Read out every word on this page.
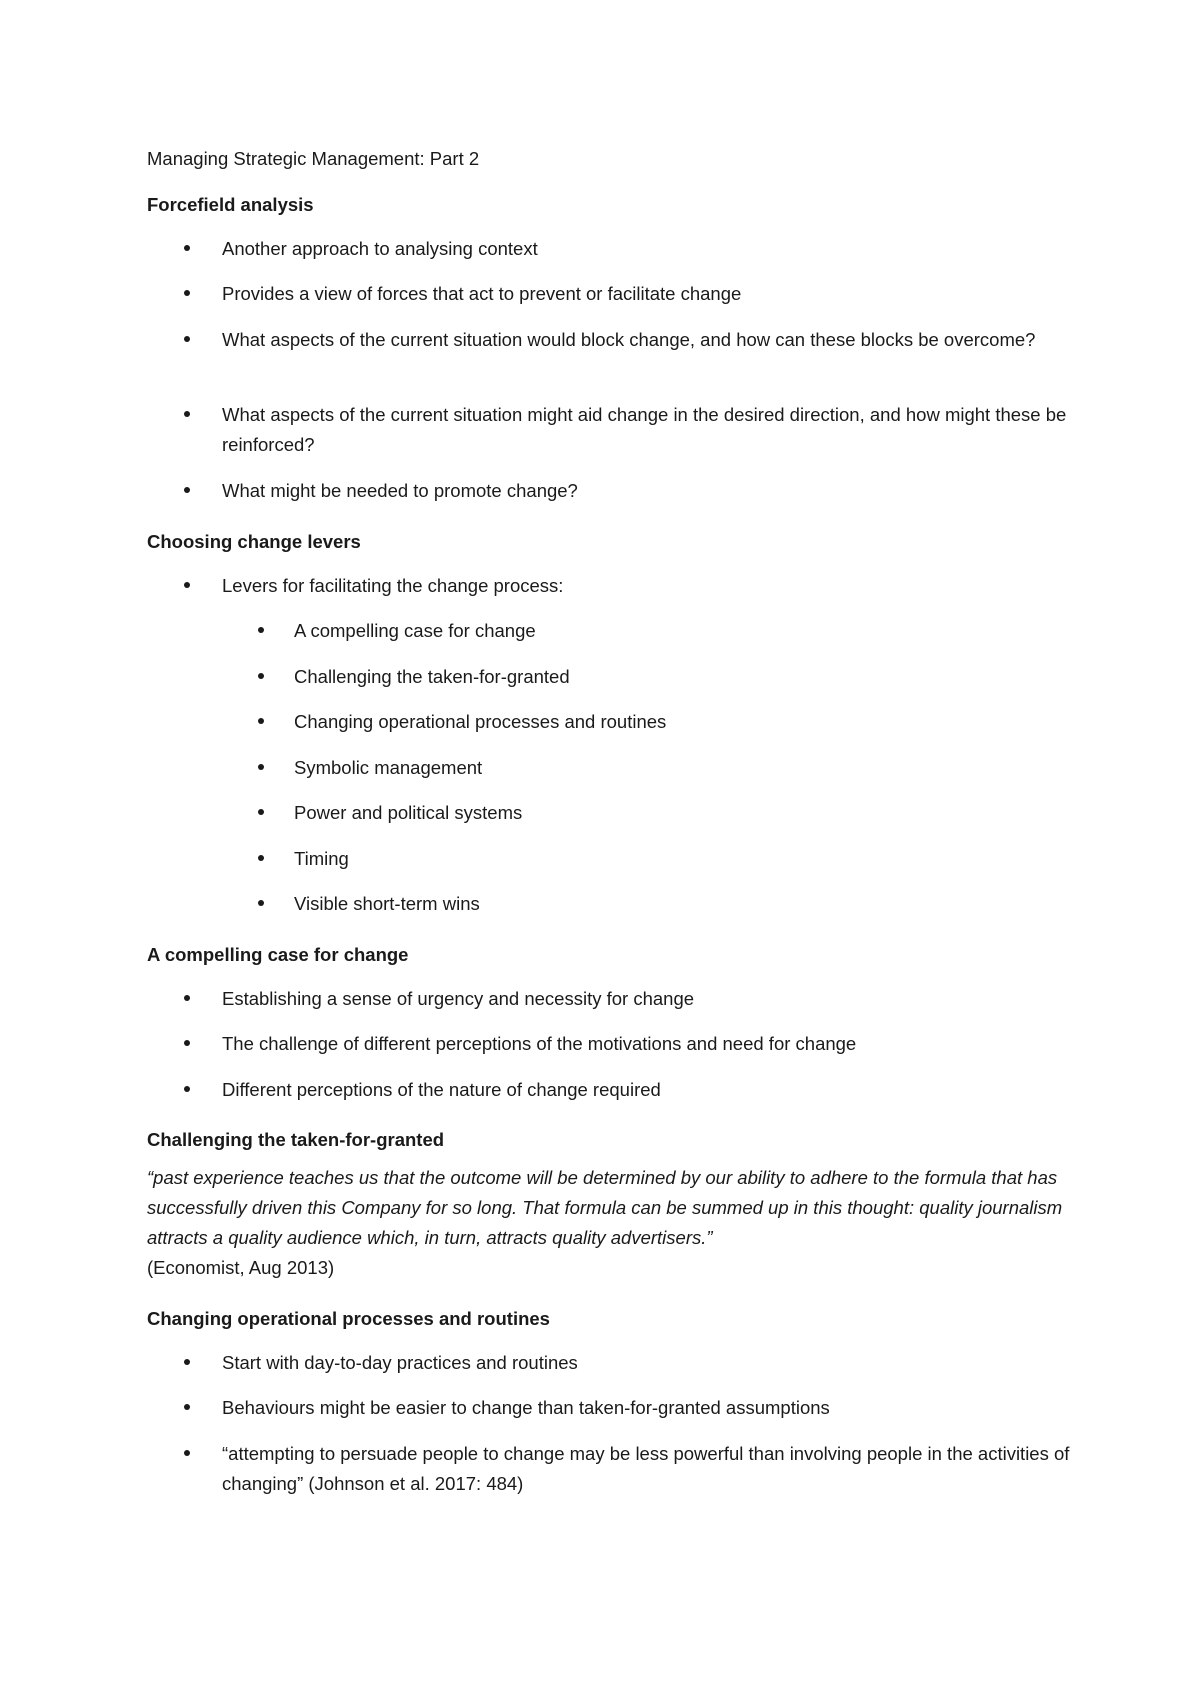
Managing Strategic Management: Part 2
Forcefield analysis
Another approach to analysing context
Provides a view of forces that act to prevent or facilitate change
What aspects of the current situation would block change, and how can these blocks be overcome?
What aspects of the current situation might aid change in the desired direction, and how might these be reinforced?
What might be needed to promote change?
Choosing change levers
Levers for facilitating the change process:
A compelling case for change
Challenging the taken-for-granted
Changing operational processes and routines
Symbolic management
Power and political systems
Timing
Visible short-term wins
A compelling case for change
Establishing a sense of urgency and necessity for change
The challenge of different perceptions of the motivations and need for change
Different perceptions of the nature of change required
Challenging the taken-for-granted
“past experience teaches us that the outcome will be determined by our ability to adhere to the formula that has successfully driven this Company for so long. That formula can be summed up in this thought: quality journalism attracts a quality audience which, in turn, attracts quality advertisers.”
(Economist, Aug 2013)
Changing operational processes and routines
Start with day-to-day practices and routines
Behaviours might be easier to change than taken-for-granted assumptions
“attempting to persuade people to change may be less powerful than involving people in the activities of changing” (Johnson et al. 2017: 484)
